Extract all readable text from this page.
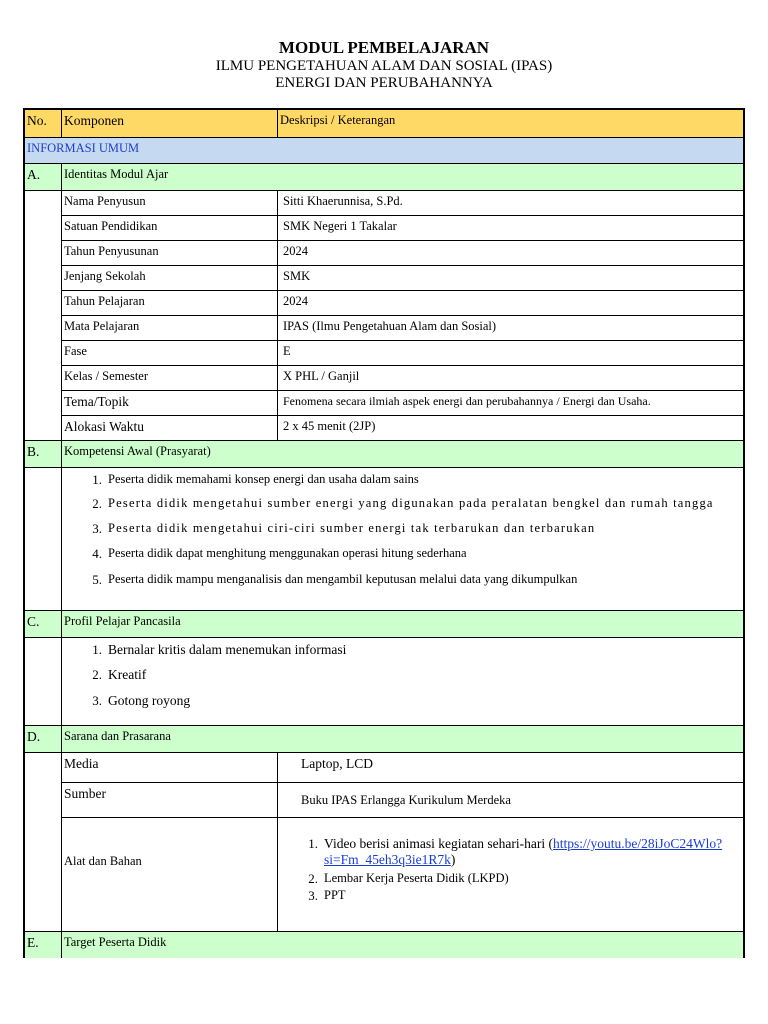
MODUL PEMBELAJARAN
ILMU PENGETAHUAN ALAM DAN SOSIAL (IPAS)
ENERGI DAN PERUBAHANNYA
No.	Komponen	Deskripsi / Keterangan
INFORMASI UMUM
A.	Identitas Modul Ajar
Nama Penyusun	Sitti Khaerunnisa, S.Pd.
Satuan Pendidikan	SMK Negeri 1 Takalar
Tahun Penyusunan	2024
Jenjang Sekolah	SMK
Tahun Pelajaran	2024
Mata Pelajaran	IPAS (Ilmu Pengetahuan Alam dan Sosial)
Fase	E
Kelas / Semester	X PHL / Ganjil
Tema/Topik	Fenomena secara ilmiah aspek energi dan perubahannya / Energi dan Usaha.
Alokasi Waktu	2 x 45 menit (2JP)
B.	Kompetensi Awal (Prasyarat)
1. Peserta didik memahami konsep energi dan usaha dalam sains
2. Peserta didik mengetahui sumber energi yang digunakan pada peralatan bengkel dan rumah tangga
3. Peserta didik mengetahui ciri-ciri sumber energi tak terbarukan dan terbarukan
4. Peserta didik dapat menghitung menggunakan operasi hitung sederhana
5. Peserta didik mampu menganalisis dan mengambil keputusan melalui data yang dikumpulkan
C.	Profil Pelajar Pancasila
1. Bernalar kritis dalam menemukan informasi
2. Kreatif
3. Gotong royong
D.	Sarana dan Prasarana
Media	Laptop, LCD
Sumber	Buku IPAS Erlangga Kurikulum Merdeka
Alat dan Bahan
1. Video berisi animasi kegiatan sehari-hari (https://youtu.be/28iJoC24Wlo?
si=Fm_45eh3q3ie1R7k)
2. Lembar Kerja Peserta Didik (LKPD)
3. PPT
E.	Target Peserta Didik
